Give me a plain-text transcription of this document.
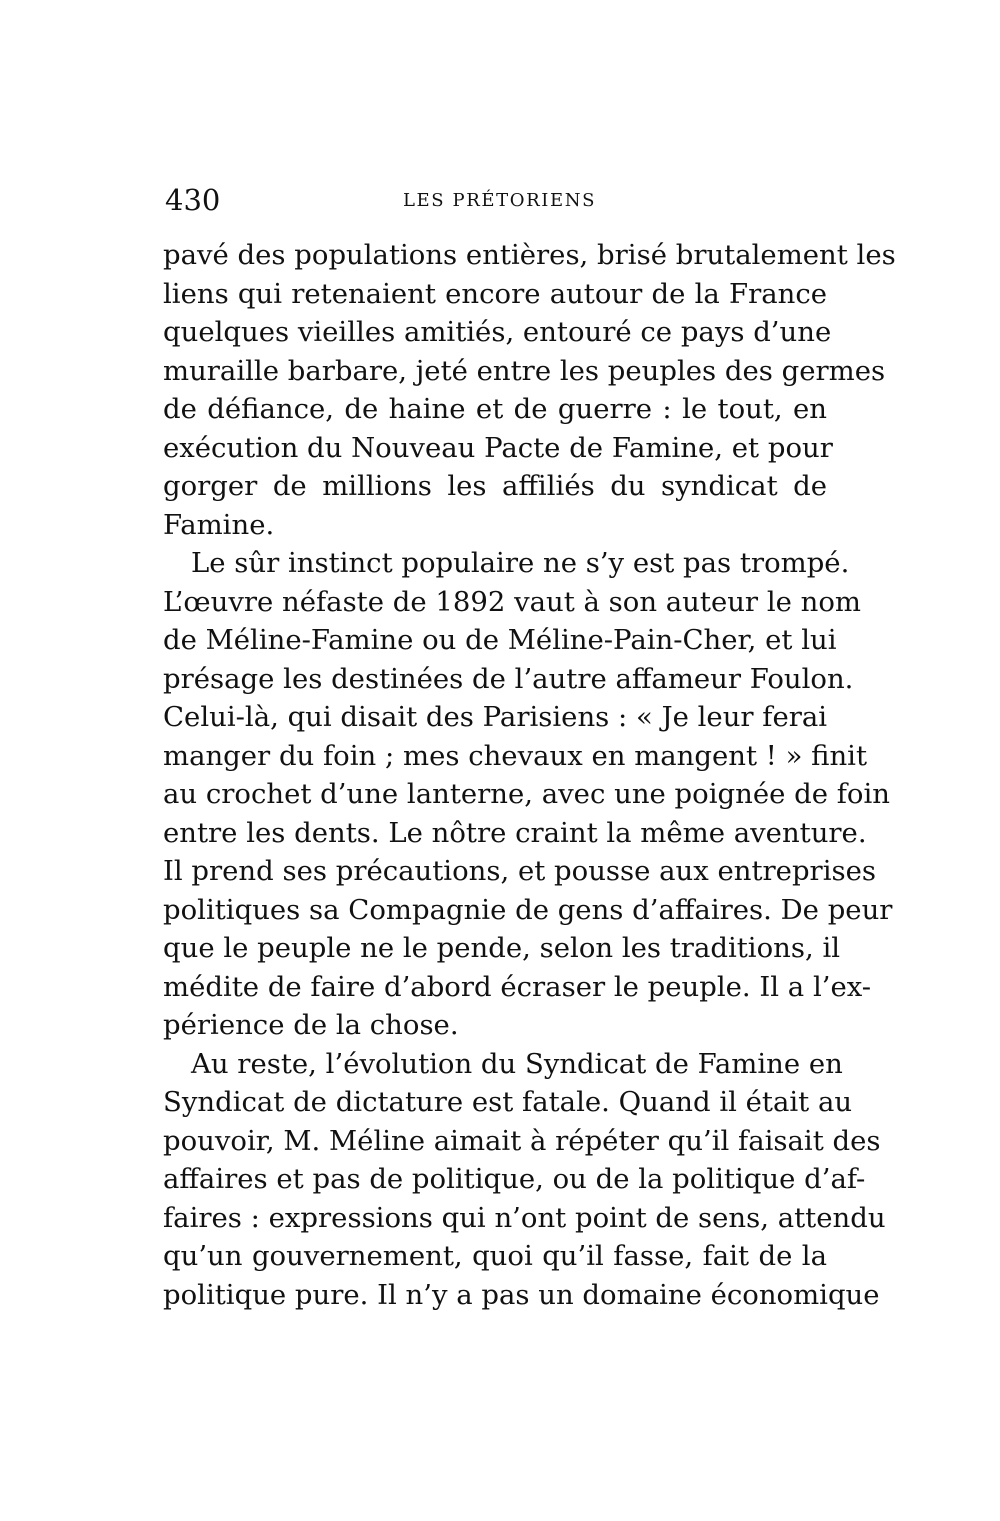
430	LES PRÉTORIENS
pavé des populations entières, brisé brutalement les
liens qui retenaient encore autour de la France
quelques vieilles amitiés, entouré ce pays d’une
muraille barbare, jeté entre les peuples des germes
de défiance, de haine et de guerre : le tout, en
exécution du Nouveau Pacte de Famine, et pour
gorger de millions les affiliés du syndicat de
Famine.
Le sûr instinct populaire ne s’y est pas trompé.
L’œuvre néfaste de 1892 vaut à son auteur le nom
de Méline-Famine ou de Méline-Pain-Cher, et lui
présage les destinées de l’autre affameur Foulon.
Celui-là, qui disait des Parisiens : « Je leur ferai
manger du foin ; mes chevaux en mangent ! » finit
au crochet d’une lanterne, avec une poignée de foin
entre les dents. Le nôtre craint la même aventure.
Il prend ses précautions, et pousse aux entreprises
politiques sa Compagnie de gens d’affaires. De peur
que le peuple ne le pende, selon les traditions, il
médite de faire d’abord écraser le peuple. Il a l’ex-
périence de la chose.
Au reste, l’évolution du Syndicat de Famine en
Syndicat de dictature est fatale. Quand il était au
pouvoir, M. Méline aimait à répéter qu’il faisait des
affaires et pas de politique, ou de la politique d’af-
faires : expressions qui n’ont point de sens, attendu
qu’un gouvernement, quoi qu’il fasse, fait de la
politique pure. Il n’y a pas un domaine économique
